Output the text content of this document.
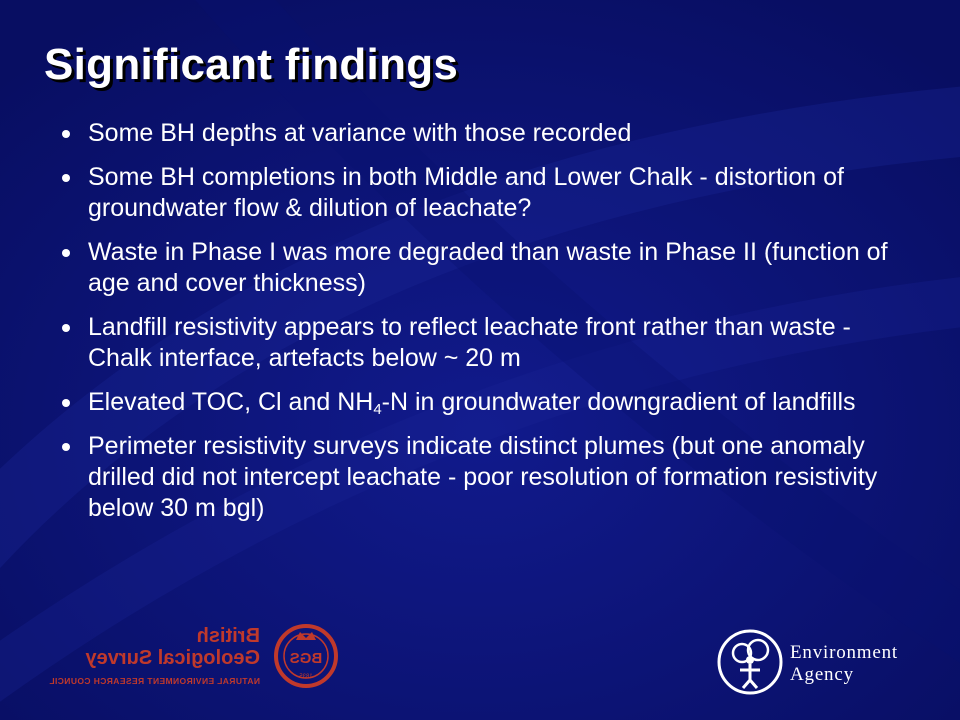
Significant findings
Some BH depths at variance with those recorded
Some BH completions in both Middle and Lower Chalk - distortion of groundwater flow & dilution of leachate?
Waste in Phase I was more degraded than waste in Phase II (function of age and cover thickness)
Landfill resistivity appears to reflect leachate front rather than waste - Chalk interface, artefacts below ~ 20 m
Elevated TOC, Cl and $NH_4-N$ in groundwater downgradient of landfills
Perimeter resistivity surveys indicate distinct plumes (but one anomaly drilled did not intercept leachate - poor resolution of formation resistivity below 30 m bgl)
British
Geological Survey
NATURAL ENVIRONMENT RESEARCH COUNCIL
BGS
1835
Environment
Agency
